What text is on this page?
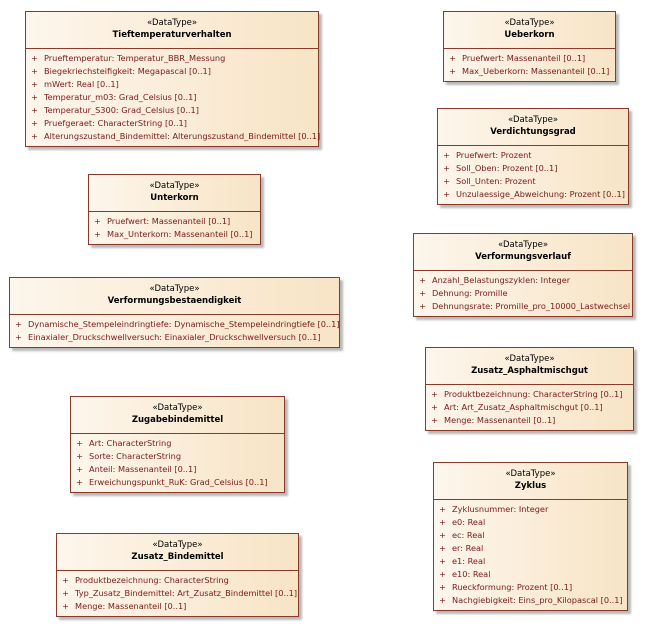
«DataType»
Tieftemperaturverhalten
+ Prueftemperatur: Temperatur_BBR_Messung
+ Biegekriechsteifigkeit: Megapascal [0..1]
+ mWert: Real [0..1]
+ Temperatur_m03: Grad_Celsius [0..1]
+ Temperatur_S300: Grad_Celsius [0..1]
+ Pruefgeraet: CharacterString [0..1]
+ Alterungszustand_Bindemittel: Alterungszustand_Bindemittel [0..1]
«DataType»
Ueberkorn
+ Pruefwert: Massenanteil [0..1]
+ Max_Ueberkorn: Massenanteil [0..1]
«DataType»
Verdichtungsgrad
+ Pruefwert: Prozent
+ Soll_Oben: Prozent [0..1]
+ Soll_Unten: Prozent
+ Unzulaessige_Abweichung: Prozent [0..1]
«DataType»
Unterkorn
+ Pruefwert: Massenanteil [0..1]
+ Max_Unterkorn: Massenanteil [0..1]
«DataType»
Verformungsverlauf
+ Anzahl_Belastungszyklen: Integer
+ Dehnung: Promille
+ Dehnungsrate: Promille_pro_10000_Lastwechsel
«DataType»
Verformungsbestaendigkeit
+ Dynamische_Stempeleindringtiefe: Dynamische_Stempeleindringtiefe [0..1]
+ Einaxialer_Druckschwellversuch: Einaxialer_Druckschwellversuch [0..1]
«DataType»
Zusatz_Asphaltmischgut
+ Produktbezeichnung: CharacterString [0..1]
+ Art: Art_Zusatz_Asphaltmischgut [0..1]
+ Menge: Massenanteil [0..1]
«DataType»
Zugabebindemittel
+ Art: CharacterString
+ Sorte: CharacterString
+ Anteil: Massenanteil [0..1]
+ Erweichungspunkt_RuK: Grad_Celsius [0..1]
«DataType»
Zyklus
+ Zyklusnummer: Integer
+ e0: Real
+ ec: Real
+ er: Real
+ e1: Real
+ e10: Real
+ Rueckformung: Prozent [0..1]
+ Nachgiebigkeit: Eins_pro_Kilopascal [0..1]
«DataType»
Zusatz_Bindemittel
+ Produktbezeichnung: CharacterString
+ Typ_Zusatz_Bindemittel: Art_Zusatz_Bindemittel [0..1]
+ Menge: Massenanteil [0..1]
